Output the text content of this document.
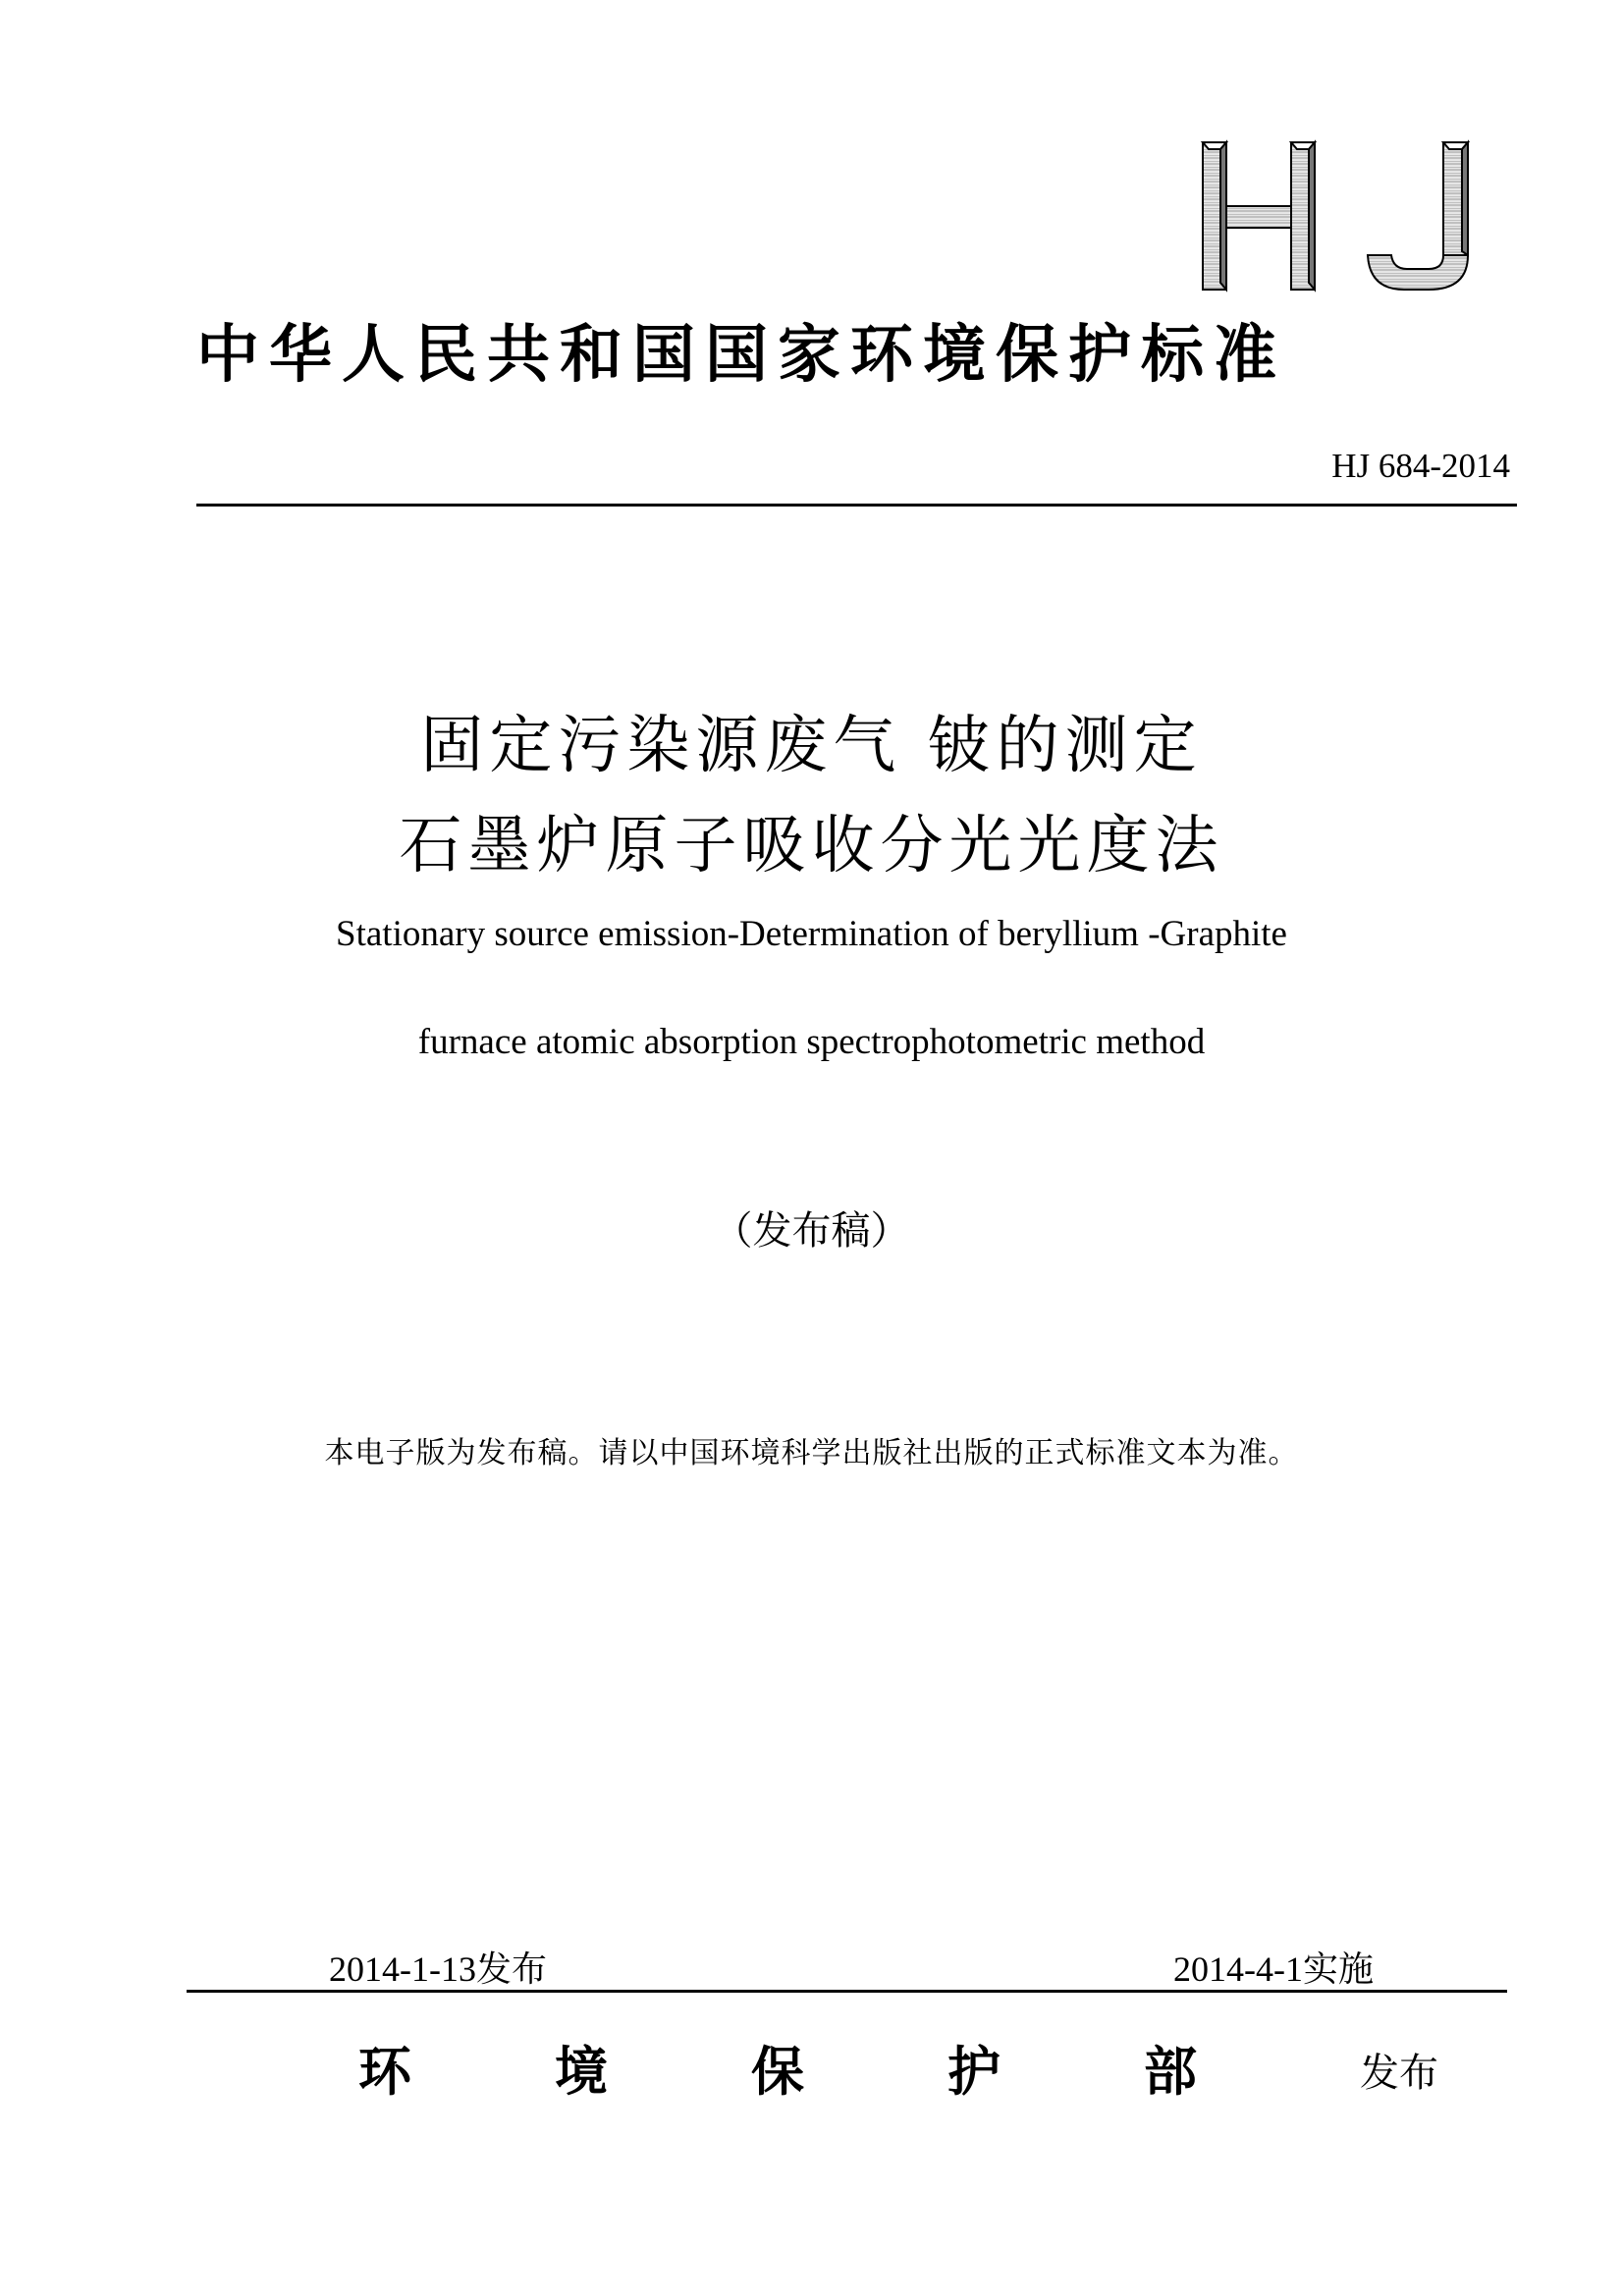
中华人民共和国国家环境保护标准
HJ 684-2014
固定污染源废气 铍的测定
石墨炉原子吸收分光光度法
Stationary source emission-Determination of beryllium -Graphite
furnace atomic absorption spectrophotometric method
（发布稿）
本电子版为发布稿。请以中国环境科学出版社出版的正式标准文本为准。
2014-1-13发布	2014-4-1实施
环	境	保	护	部	发布
